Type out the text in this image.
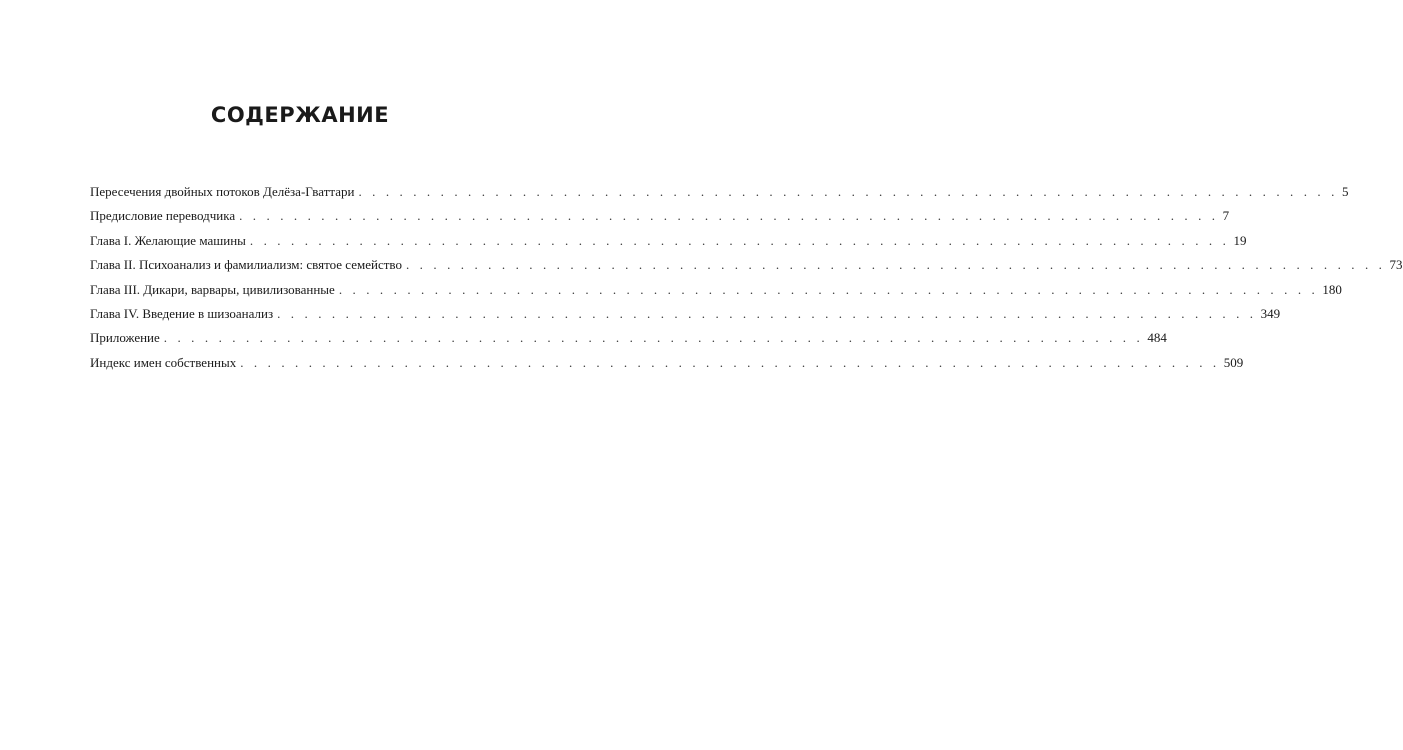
СОДЕРЖАНИЕ
Пересечения двойных потоков Делёза-Гваттари . . . . . . . . . . . . . . . . . . . . . . . . . . . . . . . . . . . . . . . . . . . . . . . . . . . . . . . . . . . . . . . . . . . . . . . . 5
Предисловие переводчика . . . . . . . . . . . . . . . . . . . . . . . . . . . . . . . . . . . . . . . . . . . . . . . . . . . . . . . . . . . . . . . . . . . . . . . . 7
Глава I. Желающие машины . . . . . . . . . . . . . . . . . . . . . . . . . . . . . . . . . . . . . . . . . . . . . . . . . . . . . . . . . . . . . . . . . . . . . . . . 19
Глава II. Психоанализ и фамилиализм: святое семейство . . . . . . . . . . . . . . . . . . . . . . . . . . . . . . . . . . . . . . . . . . . . . . . . . . . . . . . . . . . . . . . . . . . . . . . . 73
Глава III. Дикари, варвары, цивилизованные . . . . . . . . . . . . . . . . . . . . . . . . . . . . . . . . . . . . . . . . . . . . . . . . . . . . . . . . . . . . . . . . . . . . . . . . 180
Глава IV. Введение в шизоанализ . . . . . . . . . . . . . . . . . . . . . . . . . . . . . . . . . . . . . . . . . . . . . . . . . . . . . . . . . . . . . . . . . . . . . . . . 349
Приложение . . . . . . . . . . . . . . . . . . . . . . . . . . . . . . . . . . . . . . . . . . . . . . . . . . . . . . . . . . . . . . . . . . . . . . . . 484
Индекс имен собственных . . . . . . . . . . . . . . . . . . . . . . . . . . . . . . . . . . . . . . . . . . . . . . . . . . . . . . . . . . . . . . . . . . . . . . . . 509
